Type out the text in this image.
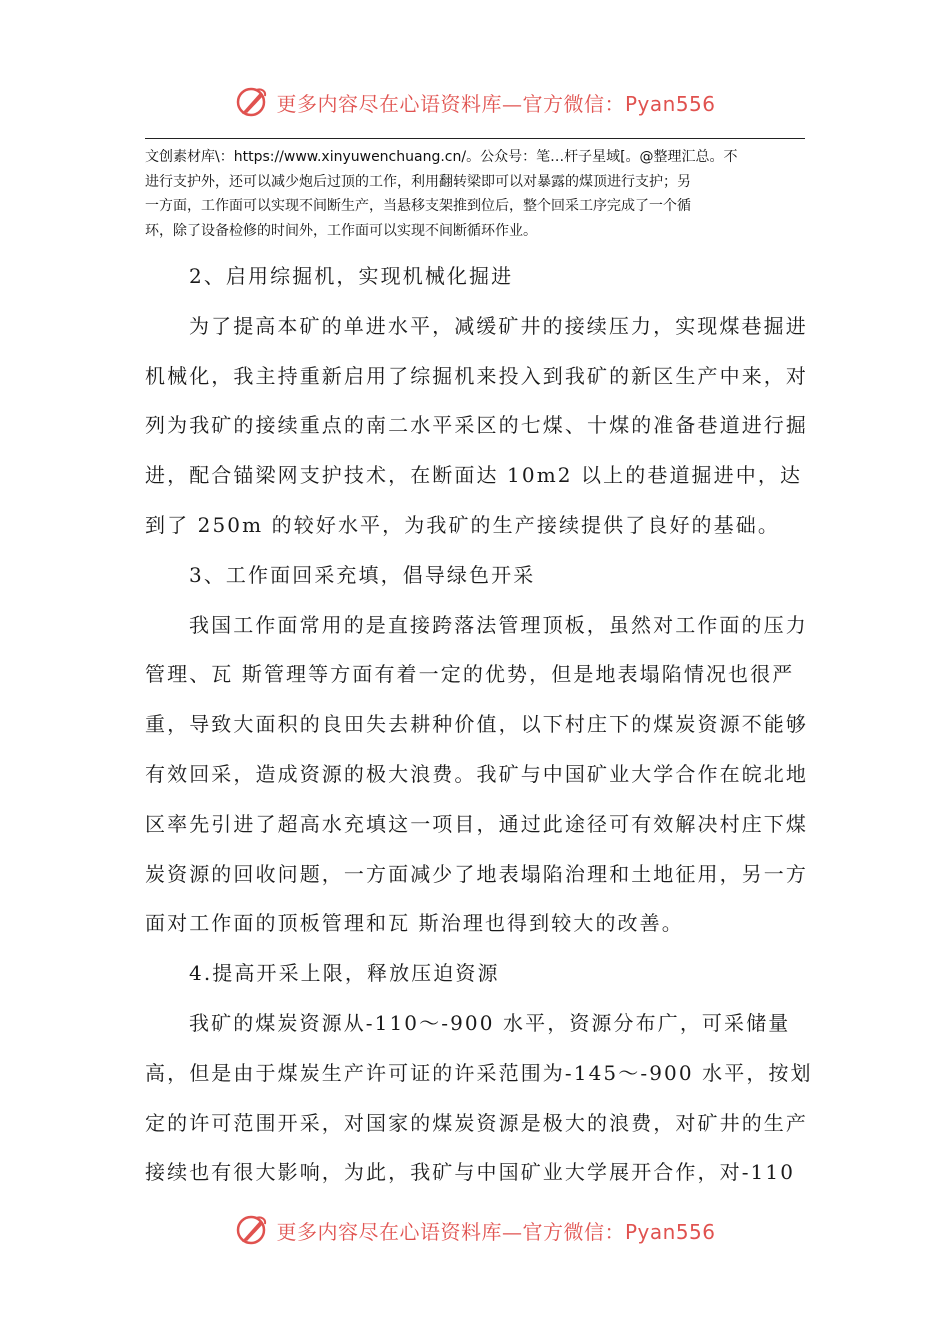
更多内容尽在心语资料库—官方微信：Pyan556

文创素材库\：https://www.xinyuwenchuang.cn/。公众号：笔…杆子星域[。@整理汇总。不

进行支护外，还可以减少炮后过顶的工作，利用翻转梁即可以对暴露的煤顶进行支护；另

一方面，工作面可以实现不间断生产，当悬移支架推到位后，整个回采工序完成了一个循

环，除了设备检修的时间外，工作面可以实现不间断循环作业。

2、启用综掘机，实现机械化掘进

为了提高本矿的单进水平，减缓矿井的接续压力，实现煤巷掘进机械化，我主持重新启用了综掘机来投入到我矿的新区生产中来，对列为我矿的接续重点的南二水平采区的七煤、十煤的准备巷道进行掘进，配合锚梁网支护技术，在断面达 10m2 以上的巷道掘进中，达到了 250m 的较好水平，为我矿的生产接续提供了良好的基础。

3、工作面回采充填，倡导绿色开采

我国工作面常用的是直接跨落法管理顶板，虽然对工作面的压力管理、瓦 斯管理等方面有着一定的优势，但是地表塌陷情况也很严重，导致大面积的良田失去耕种价值，以下村庄下的煤炭资源不能够有效回采，造成资源的极大浪费。我矿与中国矿业大学合作在皖北地区率先引进了超高水充填这一项目，通过此途径可有效解决村庄下煤炭资源的回收问题，一方面减少了地表塌陷治理和土地征用，另一方面对工作面的顶板管理和瓦 斯治理也得到较大的改善。

4.提高开采上限，释放压迫资源

我矿的煤炭资源从-110～-900 水平，资源分布广，可采储量高，但是由于煤炭生产许可证的许采范围为-145～-900 水平，按划定的许可范围开采，对国家的煤炭资源是极大的浪费，对矿井的生产接续也有很大影响，为此，我矿与中国矿业大学展开合作，对-110

更多内容尽在心语资料库—官方微信：Pyan556
